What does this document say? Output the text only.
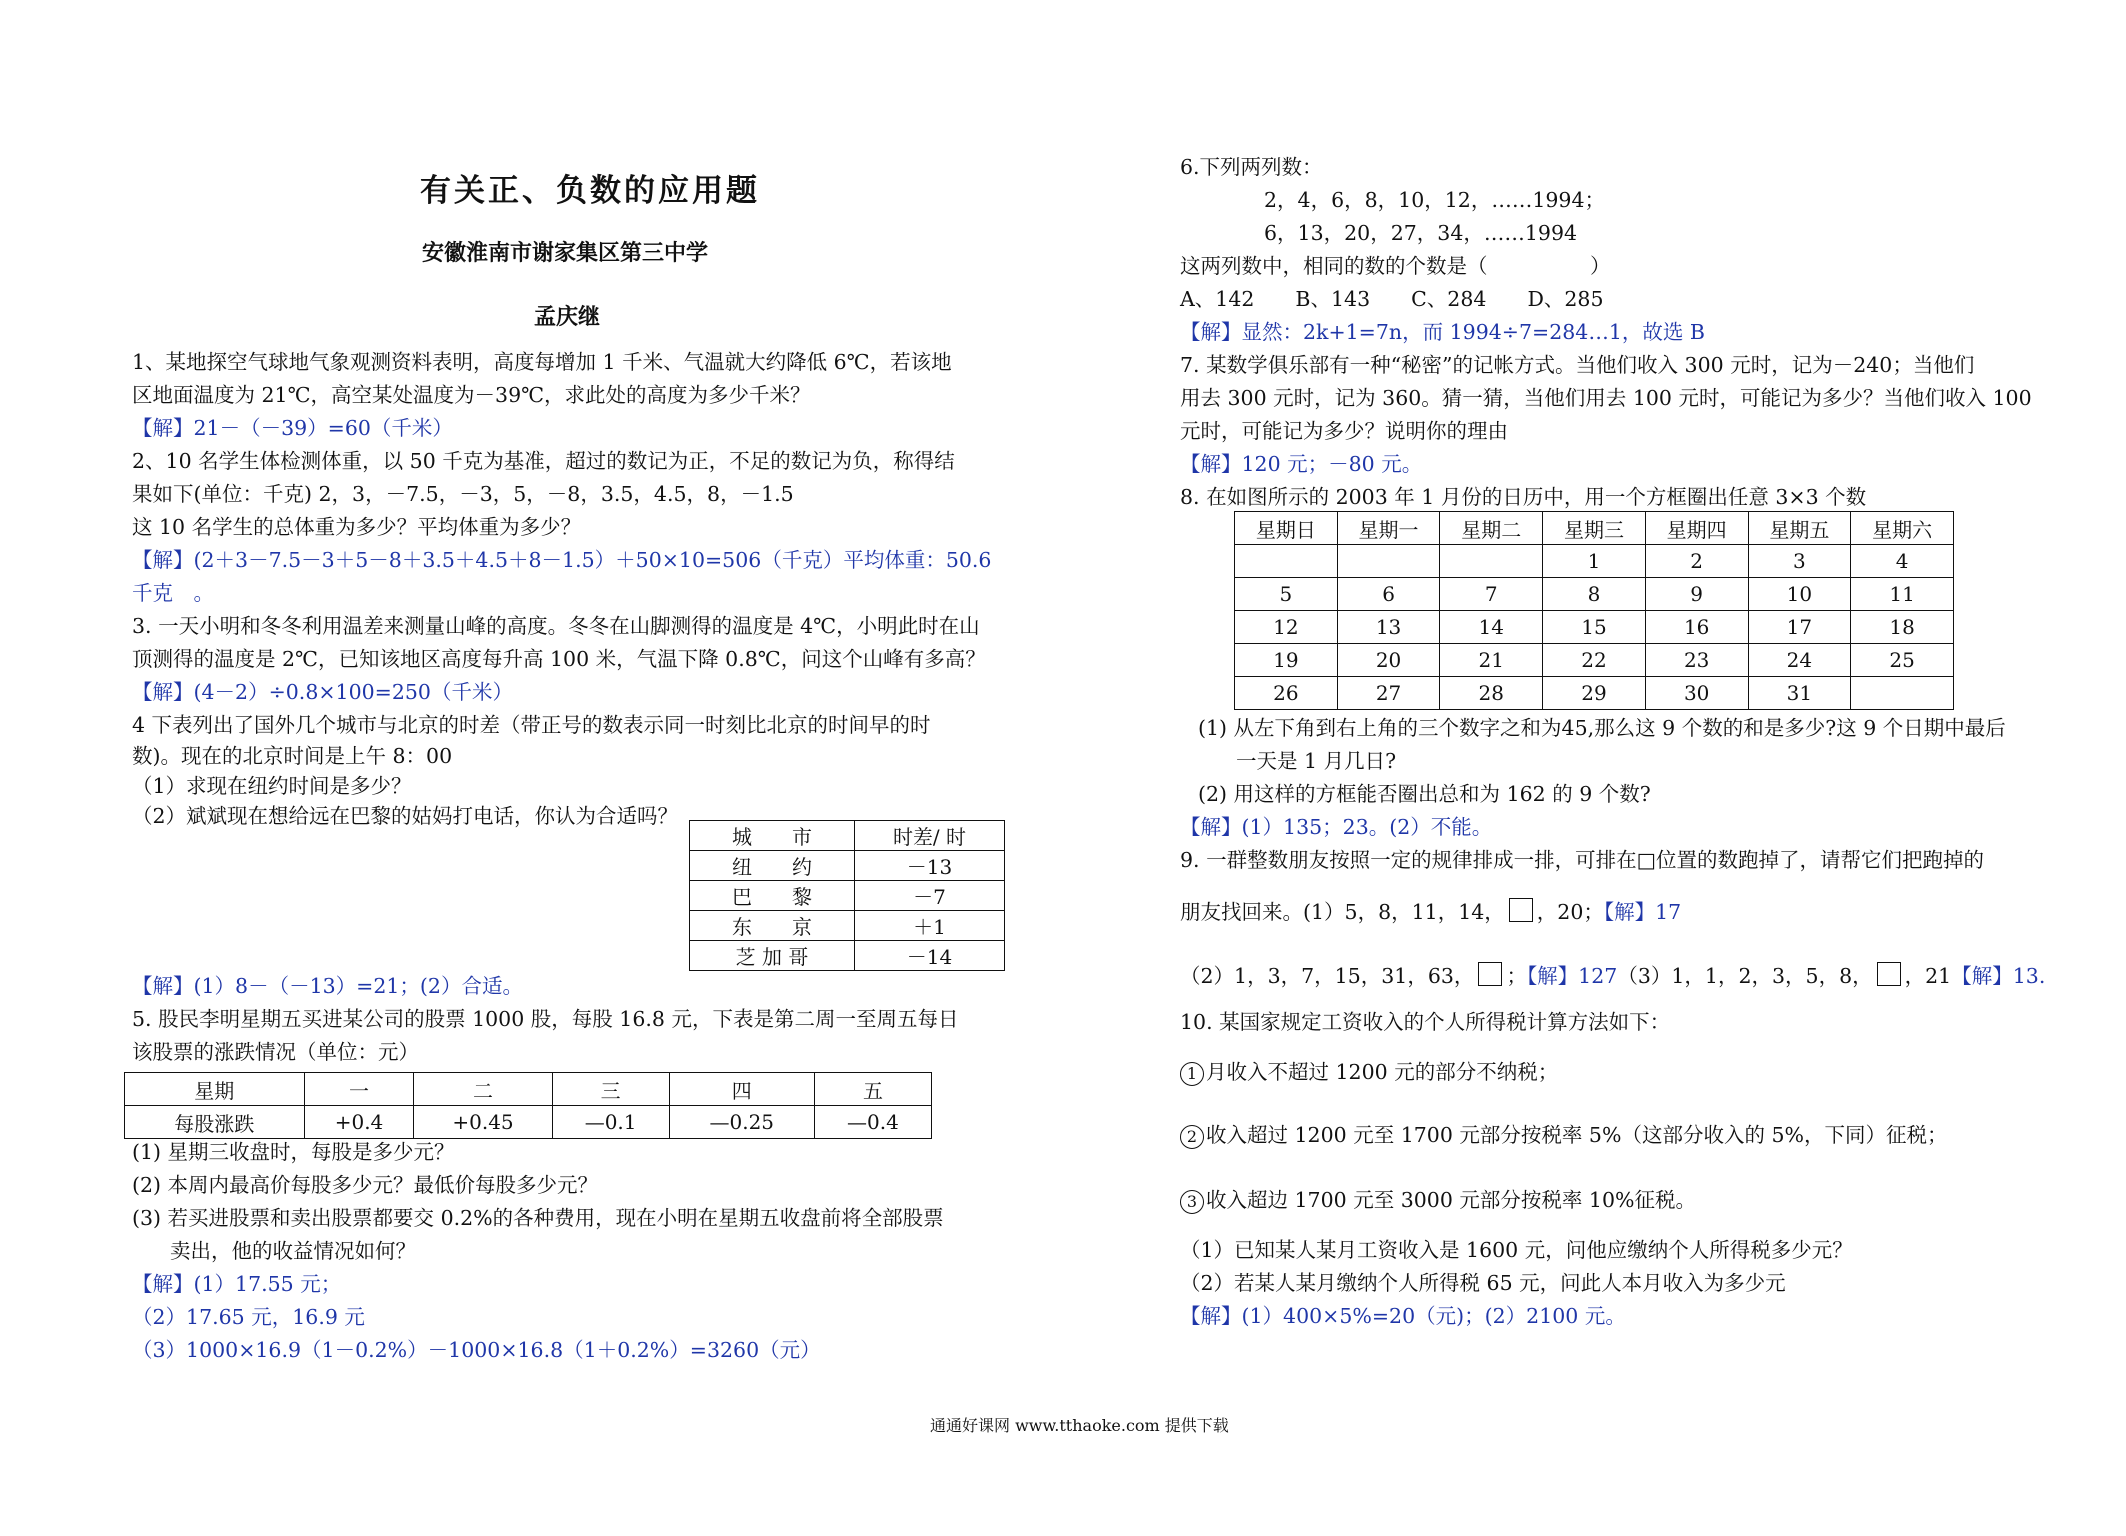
有关正、负数的应用题
安徽淮南市谢家集区第三中学
孟庆继
1、某地探空气球地气象观测资料表明，高度每增加 1 千米、气温就大约降低 6℃，若该地
区地面温度为 21℃，高空某处温度为－39℃，求此处的高度为多少千米？
【解】21－（－39）=60（千米）
2、10 名学生体检测体重，以 50 千克为基准，超过的数记为正，不足的数记为负，称得结
果如下(单位：千克) 2，3，－7.5，－3，5，－8，3.5，4.5，8，－1.5
这 10 名学生的总体重为多少？平均体重为多少？
【解】(2＋3－7.5－3＋5－8＋3.5＋4.5＋8－1.5）＋50×10=506（千克）平均体重：50.6
千克　。
3. 一天小明和冬冬利用温差来测量山峰的高度。冬冬在山脚测得的温度是 4℃，小明此时在山
顶测得的温度是 2℃，已知该地区高度每升高 100 米，气温下降 0.8℃，问这个山峰有多高？
【解】(4－2）÷0.8×100=250（千米）
4 下表列出了国外几个城市与北京的时差（带正号的数表示同一时刻比北京的时间早的时
数)。现在的北京时间是上午 8：00
（1）求现在纽约时间是多少？
（2）斌斌现在想给远在巴黎的姑妈打电话，你认为合适吗？
城　　市	时差/ 时
纽　　约	－13
巴　　黎	－7
东　　京	＋1
芝 加 哥	－14
【解】(1）8－（－13）=21；(2）合适。
5. 股民李明星期五买进某公司的股票 1000 股，每股 16.8 元，下表是第二周一至周五每日
该股票的涨跌情况（单位：元）
星期	一	二	三	四	五
每股涨跌	+0.4	+0.45	—0.1	—0.25	—0.4
(1) 星期三收盘时，每股是多少元？
(2) 本周内最高价每股多少元？最低价每股多少元？
(3) 若买进股票和卖出股票都要交 0.2%的各种费用，现在小明在星期五收盘前将全部股票
卖出，他的收益情况如何？
【解】(1）17.55 元；
（2）17.65 元，16.9 元
（3）1000×16.9（1－0.2%）－1000×16.8（1＋0.2%）=3260（元）
6.下列两列数：
2，4，6，8，10，12，……1994；
6，13，20，27，34，……1994
这两列数中，相同的数的个数是（　　　　　）
A、142　　B、143　　C、284　　D、285
【解】显然：2k+1=7n，而 1994÷7=284…1，故选 B
7. 某数学俱乐部有一种“秘密”的记帐方式。当他们收入 300 元时，记为－240；当他们
用去 300 元时，记为 360。猜一猜，当他们用去 100 元时，可能记为多少？当他们收入 100
元时，可能记为多少？说明你的理由
【解】120 元；－80 元。
8. 在如图所示的 2003 年 1 月份的日历中，用一个方框圈出任意 3×3 个数
星期日	星期一	星期二	星期三	星期四	星期五	星期六
			1	2	3	4
5	6	7	8	9	10	11
12	13	14	15	16	17	18
19	20	21	22	23	24	25
26	27	28	29	30	31	
(1) 从左下角到右上角的三个数字之和为45,那么这 9 个数的和是多少?这 9 个日期中最后
一天是 1 月几日?
(2) 用这样的方框能否圈出总和为 162 的 9 个数?
【解】(1）135；23。(2）不能。
9. 一群整数朋友按照一定的规律排成一排，可排在□位置的数跑掉了，请帮它们把跑掉的
朋友找回来。(1）5，8，11，14， ，20；【解】17
（2）1，3，7，15，31，63， ；【解】127（3）1，1，2，3，5，8， ，21【解】13.
10. 某国家规定工资收入的个人所得税计算方法如下：
1 月收入不超过 1200 元的部分不纳税；
2 收入超过 1200 元至 1700 元部分按税率 5%（这部分收入的 5%，下同）征税；
3 收入超边 1700 元至 3000 元部分按税率 10%征税。
（1）已知某人某月工资收入是 1600 元，问他应缴纳个人所得税多少元？
（2）若某人某月缴纳个人所得税 65 元，问此人本月收入为多少元
【解】(1）400×5%=20（元)；(2）2100 元。
通通好课网 www.tthaoke.com 提供下载
